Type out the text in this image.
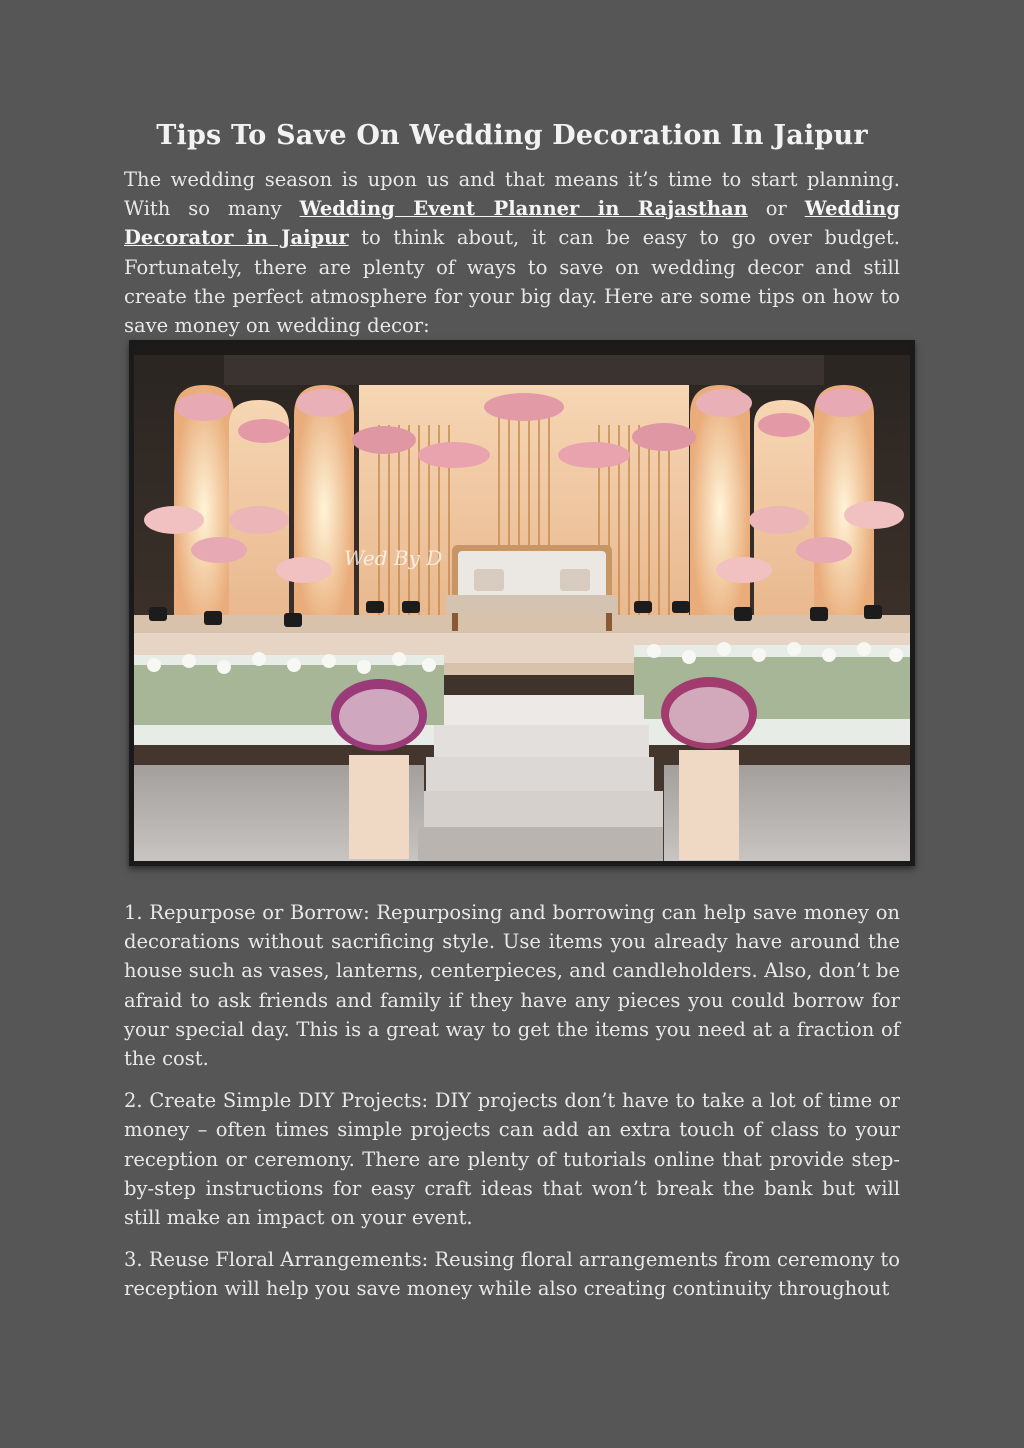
Tips To Save On Wedding Decoration In Jaipur

The wedding season is upon us and that means it’s time to start planning. With so many Wedding Event Planner in Rajasthan or Wedding Decorator in Jaipur to think about, it can be easy to go over budget. Fortunately, there are plenty of ways to save on wedding decor and still create the perfect atmosphere for your big day. Here are some tips on how to save money on wedding decor:

Wed By D

1. Repurpose or Borrow: Repurposing and borrowing can help save money on decorations without sacrificing style. Use items you already have around the house such as vases, lanterns, centerpieces, and candleholders. Also, don’t be afraid to ask friends and family if they have any pieces you could borrow for your special day. This is a great way to get the items you need at a fraction of the cost.

2. Create Simple DIY Projects: DIY projects don’t have to take a lot of time or money – often times simple projects can add an extra touch of class to your reception or ceremony. There are plenty of tutorials online that provide step-by-step instructions for easy craft ideas that won’t break the bank but will still make an impact on your event.

3. Reuse Floral Arrangements: Reusing floral arrangements from ceremony to reception will help you save money while also creating continuity throughout
